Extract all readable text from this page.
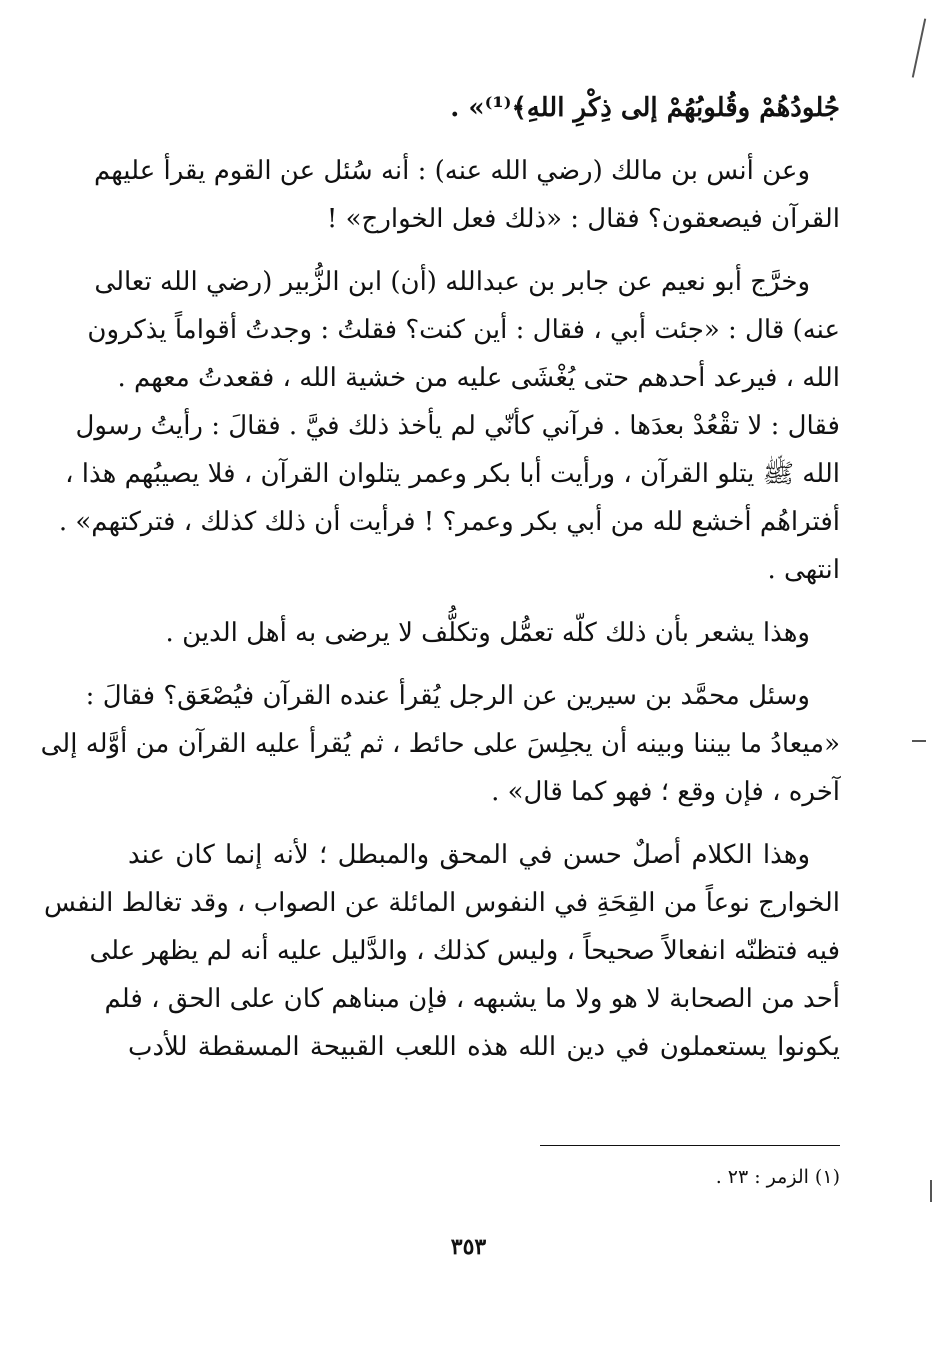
جُلودُهُمْ وقُلوبُهُمْ إلى ذِكْرِ اللهِ﴾⁽¹⁾» .
وعن أنس بن مالك (رضي الله عنه) : أنه سُئل عن القوم يقرأ عليهم
القرآن فيصعقون؟ فقال : «ذلك فعل الخوارج» !
وخرَّج أبو نعيم عن جابر بن عبدالله (أن) ابن الزُّبير (رضي الله تعالى
عنه) قال : «جئت أبي ، فقال : أين كنت؟ فقلتُ : وجدتُ أقواماً يذكرون
الله ، فيرعد أحدهم حتى يُغْشَى عليه من خشية الله ، فقعدتُ معهم .
فقال : لا تقْعُدْ بعدَها . فرآني كأنّي لم يأخذ ذلك فيَّ . فقالَ : رأيتُ رسول
الله ﷺ يتلو القرآن ، ورأيت أبا بكر وعمر يتلوان القرآن ، فلا يصيبُهم هذا ،
أفتراهُم أخشع لله من أبي بكر وعمر؟ ! فرأيت أن ذلك كذلك ، فتركتهم» .
انتهى .
وهذا يشعر بأن ذلك كلّه تعمُّل وتكلُّف لا يرضى به أهل الدين .
وسئل محمَّد بن سيرين عن الرجل يُقرأ عنده القرآن فيُصْعَق؟ فقالَ :
«ميعادُ ما بيننا وبينه أن يجلِسَ على حائط ، ثم يُقرأ عليه القرآن من أوَّله إلى
آخره ، فإن وقع ؛ فهو كما قال» .
وهذا الكلام أصلٌ حسن في المحق والمبطل ؛ لأنه إنما كان عند
الخوارج نوعاً من القِحَةِ في النفوس المائلة عن الصواب ، وقد تغالط النفس
فيه فتظنّه انفعالاً صحيحاً ، وليس كذلك ، والدَّليل عليه أنه لم يظهر على
أحد من الصحابة لا هو ولا ما يشبهه ، فإن مبناهم كان على الحق ، فلم
يكونوا يستعملون في دين الله هذه اللعب القبيحة المسقطة للأدب
(١) الزمر : ٢٣ .
٣٥٣
